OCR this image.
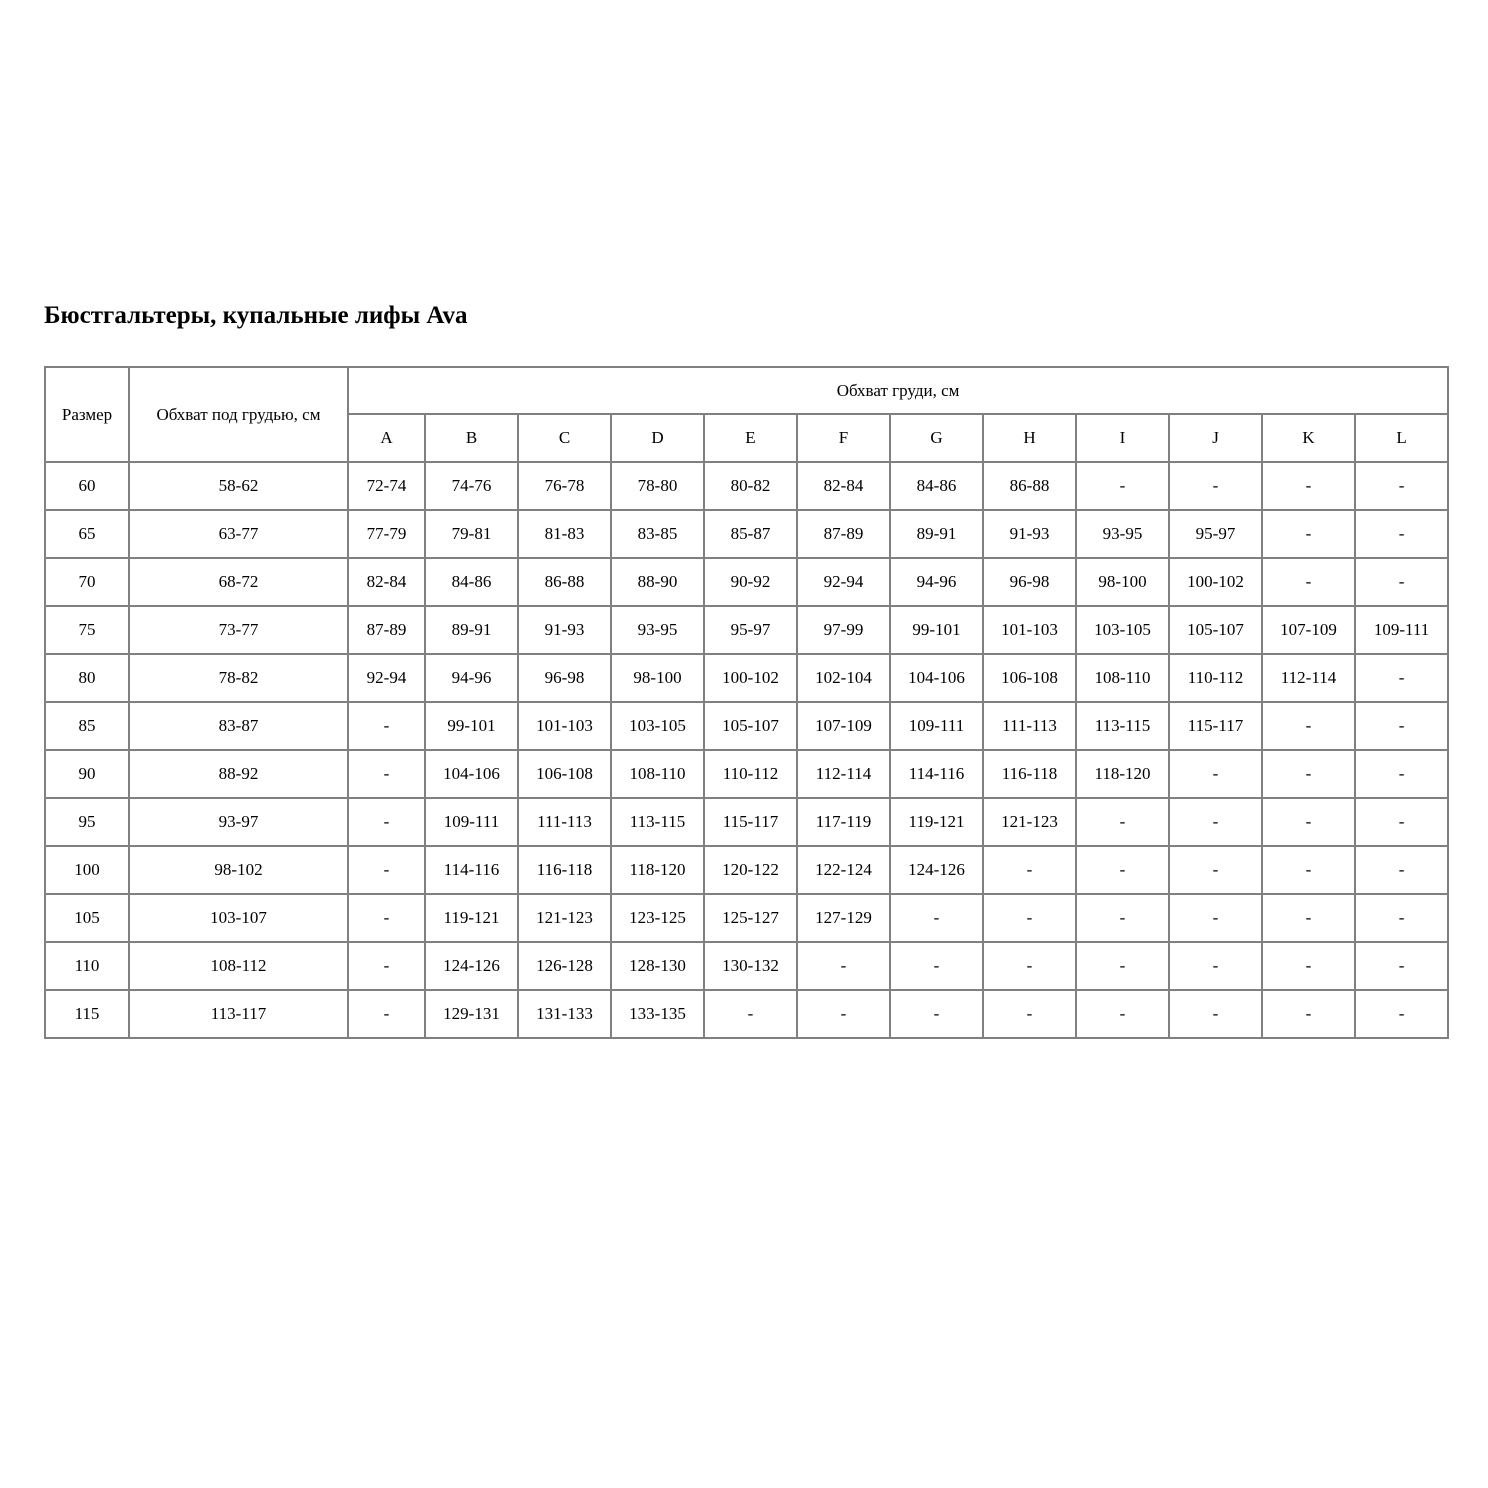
Бюстгальтеры, купальные лифы Ava
Размер	Обхват под грудью, см	Обхват груди, см											
		A	B	C	D	E	F	G	H	I	J	K	L
60	58-62	72-74	74-76	76-78	78-80	80-82	82-84	84-86	86-88	-	-	-	-
65	63-77	77-79	79-81	81-83	83-85	85-87	87-89	89-91	91-93	93-95	95-97	-	-
70	68-72	82-84	84-86	86-88	88-90	90-92	92-94	94-96	96-98	98-100	100-102	-	-
75	73-77	87-89	89-91	91-93	93-95	95-97	97-99	99-101	101-103	103-105	105-107	107-109	109-111
80	78-82	92-94	94-96	96-98	98-100	100-102	102-104	104-106	106-108	108-110	110-112	112-114	-
85	83-87	-	99-101	101-103	103-105	105-107	107-109	109-111	111-113	113-115	115-117	-	-
90	88-92	-	104-106	106-108	108-110	110-112	112-114	114-116	116-118	118-120	-	-	-
95	93-97	-	109-111	111-113	113-115	115-117	117-119	119-121	121-123	-	-	-	-
100	98-102	-	114-116	116-118	118-120	120-122	122-124	124-126	-	-	-	-	-
105	103-107	-	119-121	121-123	123-125	125-127	127-129	-	-	-	-	-	-
110	108-112	-	124-126	126-128	128-130	130-132	-	-	-	-	-	-	-
115	113-117	-	129-131	131-133	133-135	-	-	-	-	-	-	-	-
